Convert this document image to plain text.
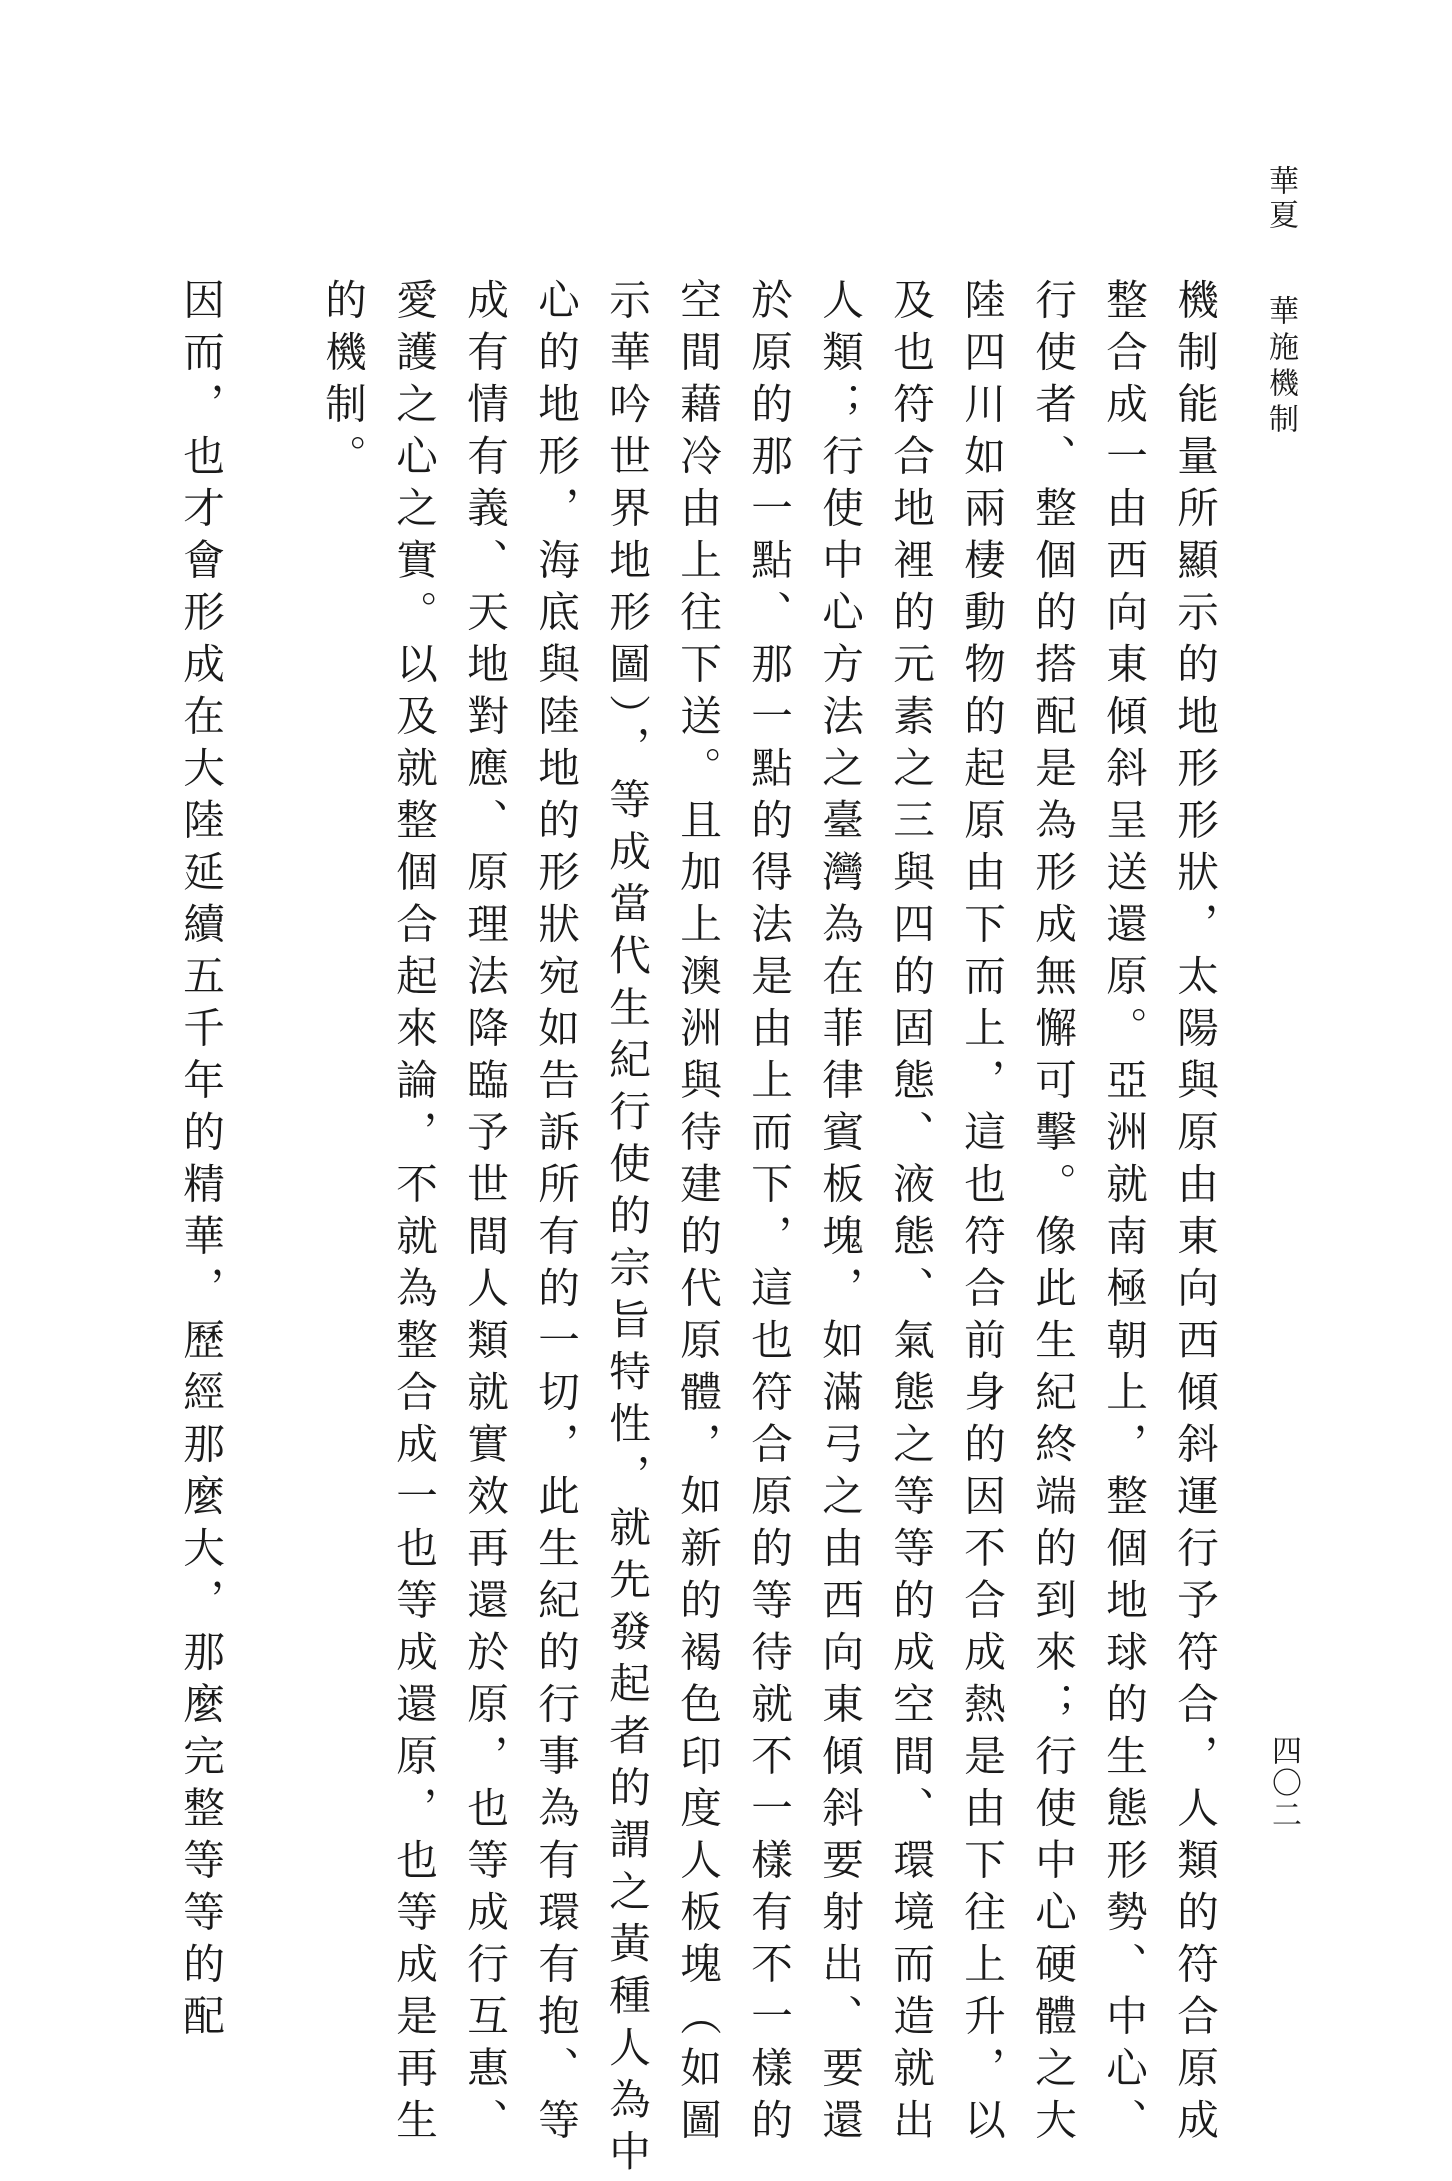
華夏
華施機制
四〇二
機制能量所顯示的地形形狀，太陽與原由東向西傾斜運行予符合，人類的符合原成
整合成一由西向東傾斜呈送還原。亞洲就南極朝上，整個地球的生態形勢、中心、
行使者、整個的搭配是為形成無懈可擊。像此生紀終端的到來；行使中心硬體之大
陸四川如兩棲動物的起原由下而上，這也符合前身的因不合成熱是由下往上升，以
及也符合地裡的元素之三與四的固態、液態、氣態之等等的成空間、環境而造就出
人類；行使中心方法之臺灣為在菲律賓板塊，如滿弓之由西向東傾斜要射出、要還
於原的那一點、那一點的得法是由上而下，這也符合原的等待就不一樣有不一樣的
空間藉冷由上往下送。且加上澳洲與待建的代原體，如新的褐色印度人板塊（如圖
示華吟世界地形圖），等成當代生紀行使的宗旨特性，就先發起者的謂之黃種人為中
心的地形，海底與陸地的形狀宛如告訴所有的一切，此生紀的行事為有環有抱、等
成有情有義、天地對應、原理法降臨予世間人類就實效再還於原，也等成行互惠、
愛護之心之實。以及就整個合起來論，不就為整合成一也等成還原，也等成是再生
的機制。
因而，也才會形成在大陸延續五千年的精華，歷經那麼大，那麼完整等等的配
